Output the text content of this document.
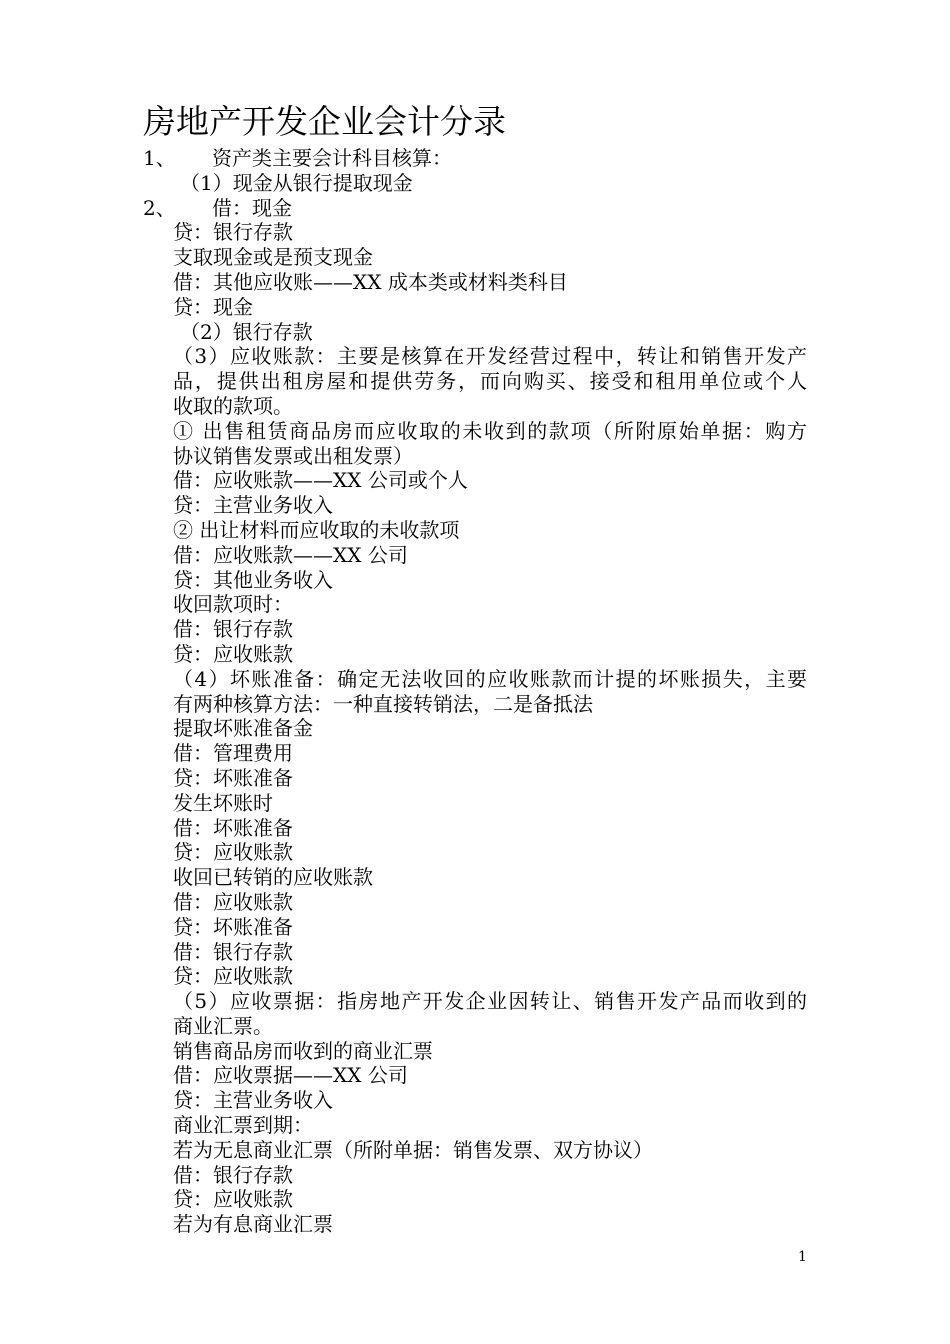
房地产开发企业会计分录
1、 资产类主要会计科目核算：
（1）现金从银行提取现金
2、 借：现金
贷：银行存款
支取现金或是预支现金
借：其他应收账——XX 成本类或材料类科目
贷：现金
（2）银行存款
（3）应收账款：主要是核算在开发经营过程中，转让和销售开发产
品，提供出租房屋和提供劳务，而向购买、接受和租用单位或个人
收取的款项。
① 出售租赁商品房而应收取的未收到的款项（所附原始单据：购方
协议销售发票或出租发票）
借：应收账款——XX 公司或个人
贷：主营业务收入
② 出让材料而应收取的未收款项
借：应收账款——XX 公司
贷：其他业务收入
收回款项时：
借：银行存款
贷：应收账款
（4）坏账准备：确定无法收回的应收账款而计提的坏账损失，主要
有两种核算方法：一种直接转销法，二是备抵法
提取坏账准备金
借：管理费用
贷：坏账准备
发生坏账时
借：坏账准备
贷：应收账款
收回已转销的应收账款
借：应收账款
贷：坏账准备
借：银行存款
贷：应收账款
（5）应收票据：指房地产开发企业因转让、销售开发产品而收到的
商业汇票。
销售商品房而收到的商业汇票
借：应收票据——XX 公司
贷：主营业务收入
商业汇票到期：
若为无息商业汇票（所附单据：销售发票、双方协议）
借：银行存款
贷：应收账款
若为有息商业汇票
1
